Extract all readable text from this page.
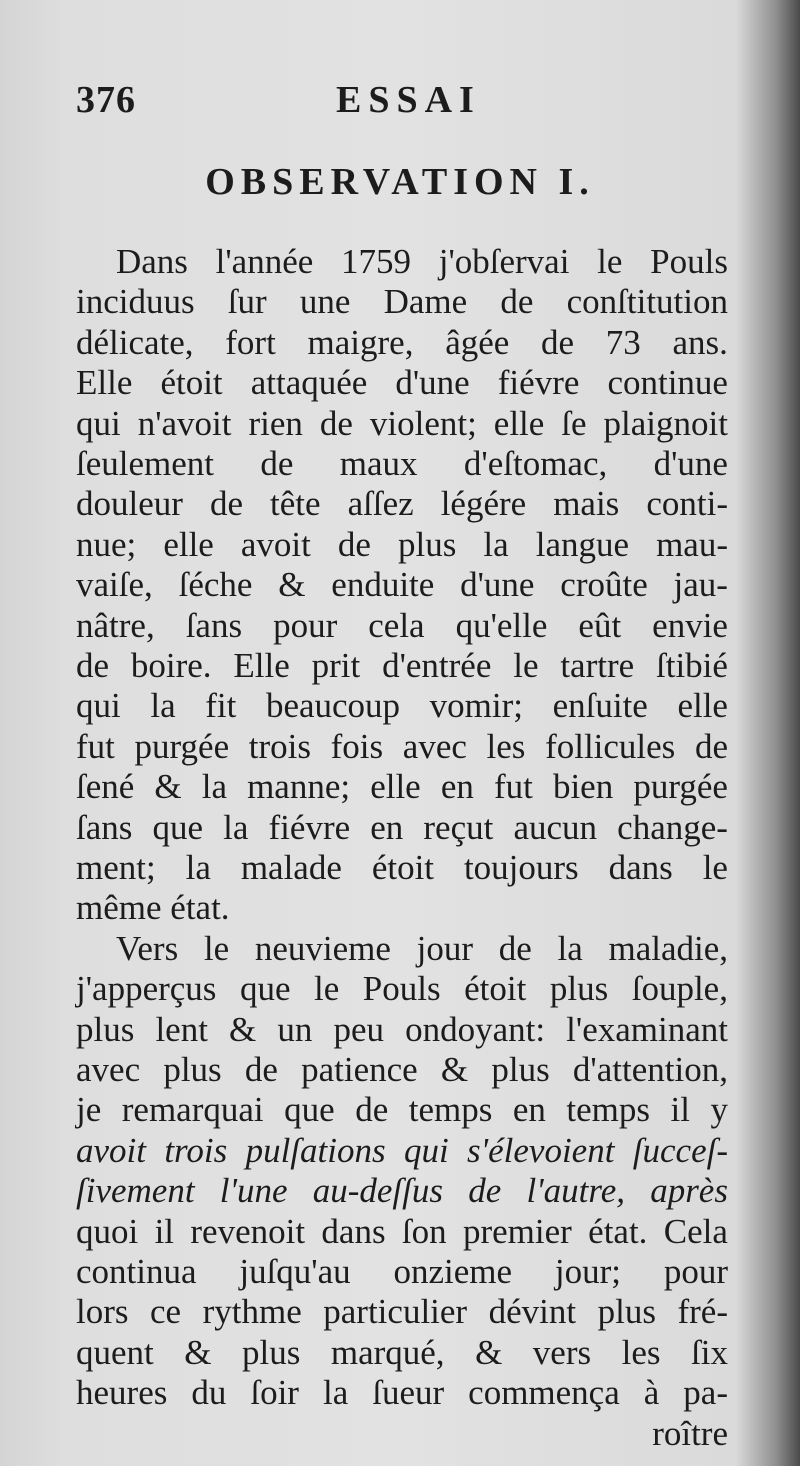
376	ESSAI
OBSERVATION I.
Dans l'année 1759 j'obſervai le Pouls
inciduus ſur une Dame de conſtitution
délicate, fort maigre, âgée de 73 ans.
Elle étoit attaquée d'une fiévre continue
qui n'avoit rien de violent; elle ſe plaignoit
ſeulement de maux d'eſtomac, d'une
douleur de tête aſſez légére mais conti-
nue; elle avoit de plus la langue mau-
vaiſe, ſéche & enduite d'une croûte jau-
nâtre, ſans pour cela qu'elle eût envie
de boire. Elle prit d'entrée le tartre ſtibié
qui la fit beaucoup vomir; enſuite elle
fut purgée trois fois avec les follicules de
ſené & la manne; elle en fut bien purgée
ſans que la fiévre en reçut aucun change-
ment; la malade étoit toujours dans le
même état.
Vers le neuvieme jour de la maladie,
j'apperçus que le Pouls étoit plus ſouple,
plus lent & un peu ondoyant: l'examinant
avec plus de patience & plus d'attention,
je remarquai que de temps en temps il y
avoit trois pulſations qui s'élevoient ſucceſ-
ſivement l'une au-deſſus de l'autre, après
quoi il revenoit dans ſon premier état. Cela
continua juſqu'au onzieme jour; pour
lors ce rythme particulier dévint plus fré-
quent & plus marqué, & vers les ſix
heures du ſoir la ſueur commença à pa-
roître
